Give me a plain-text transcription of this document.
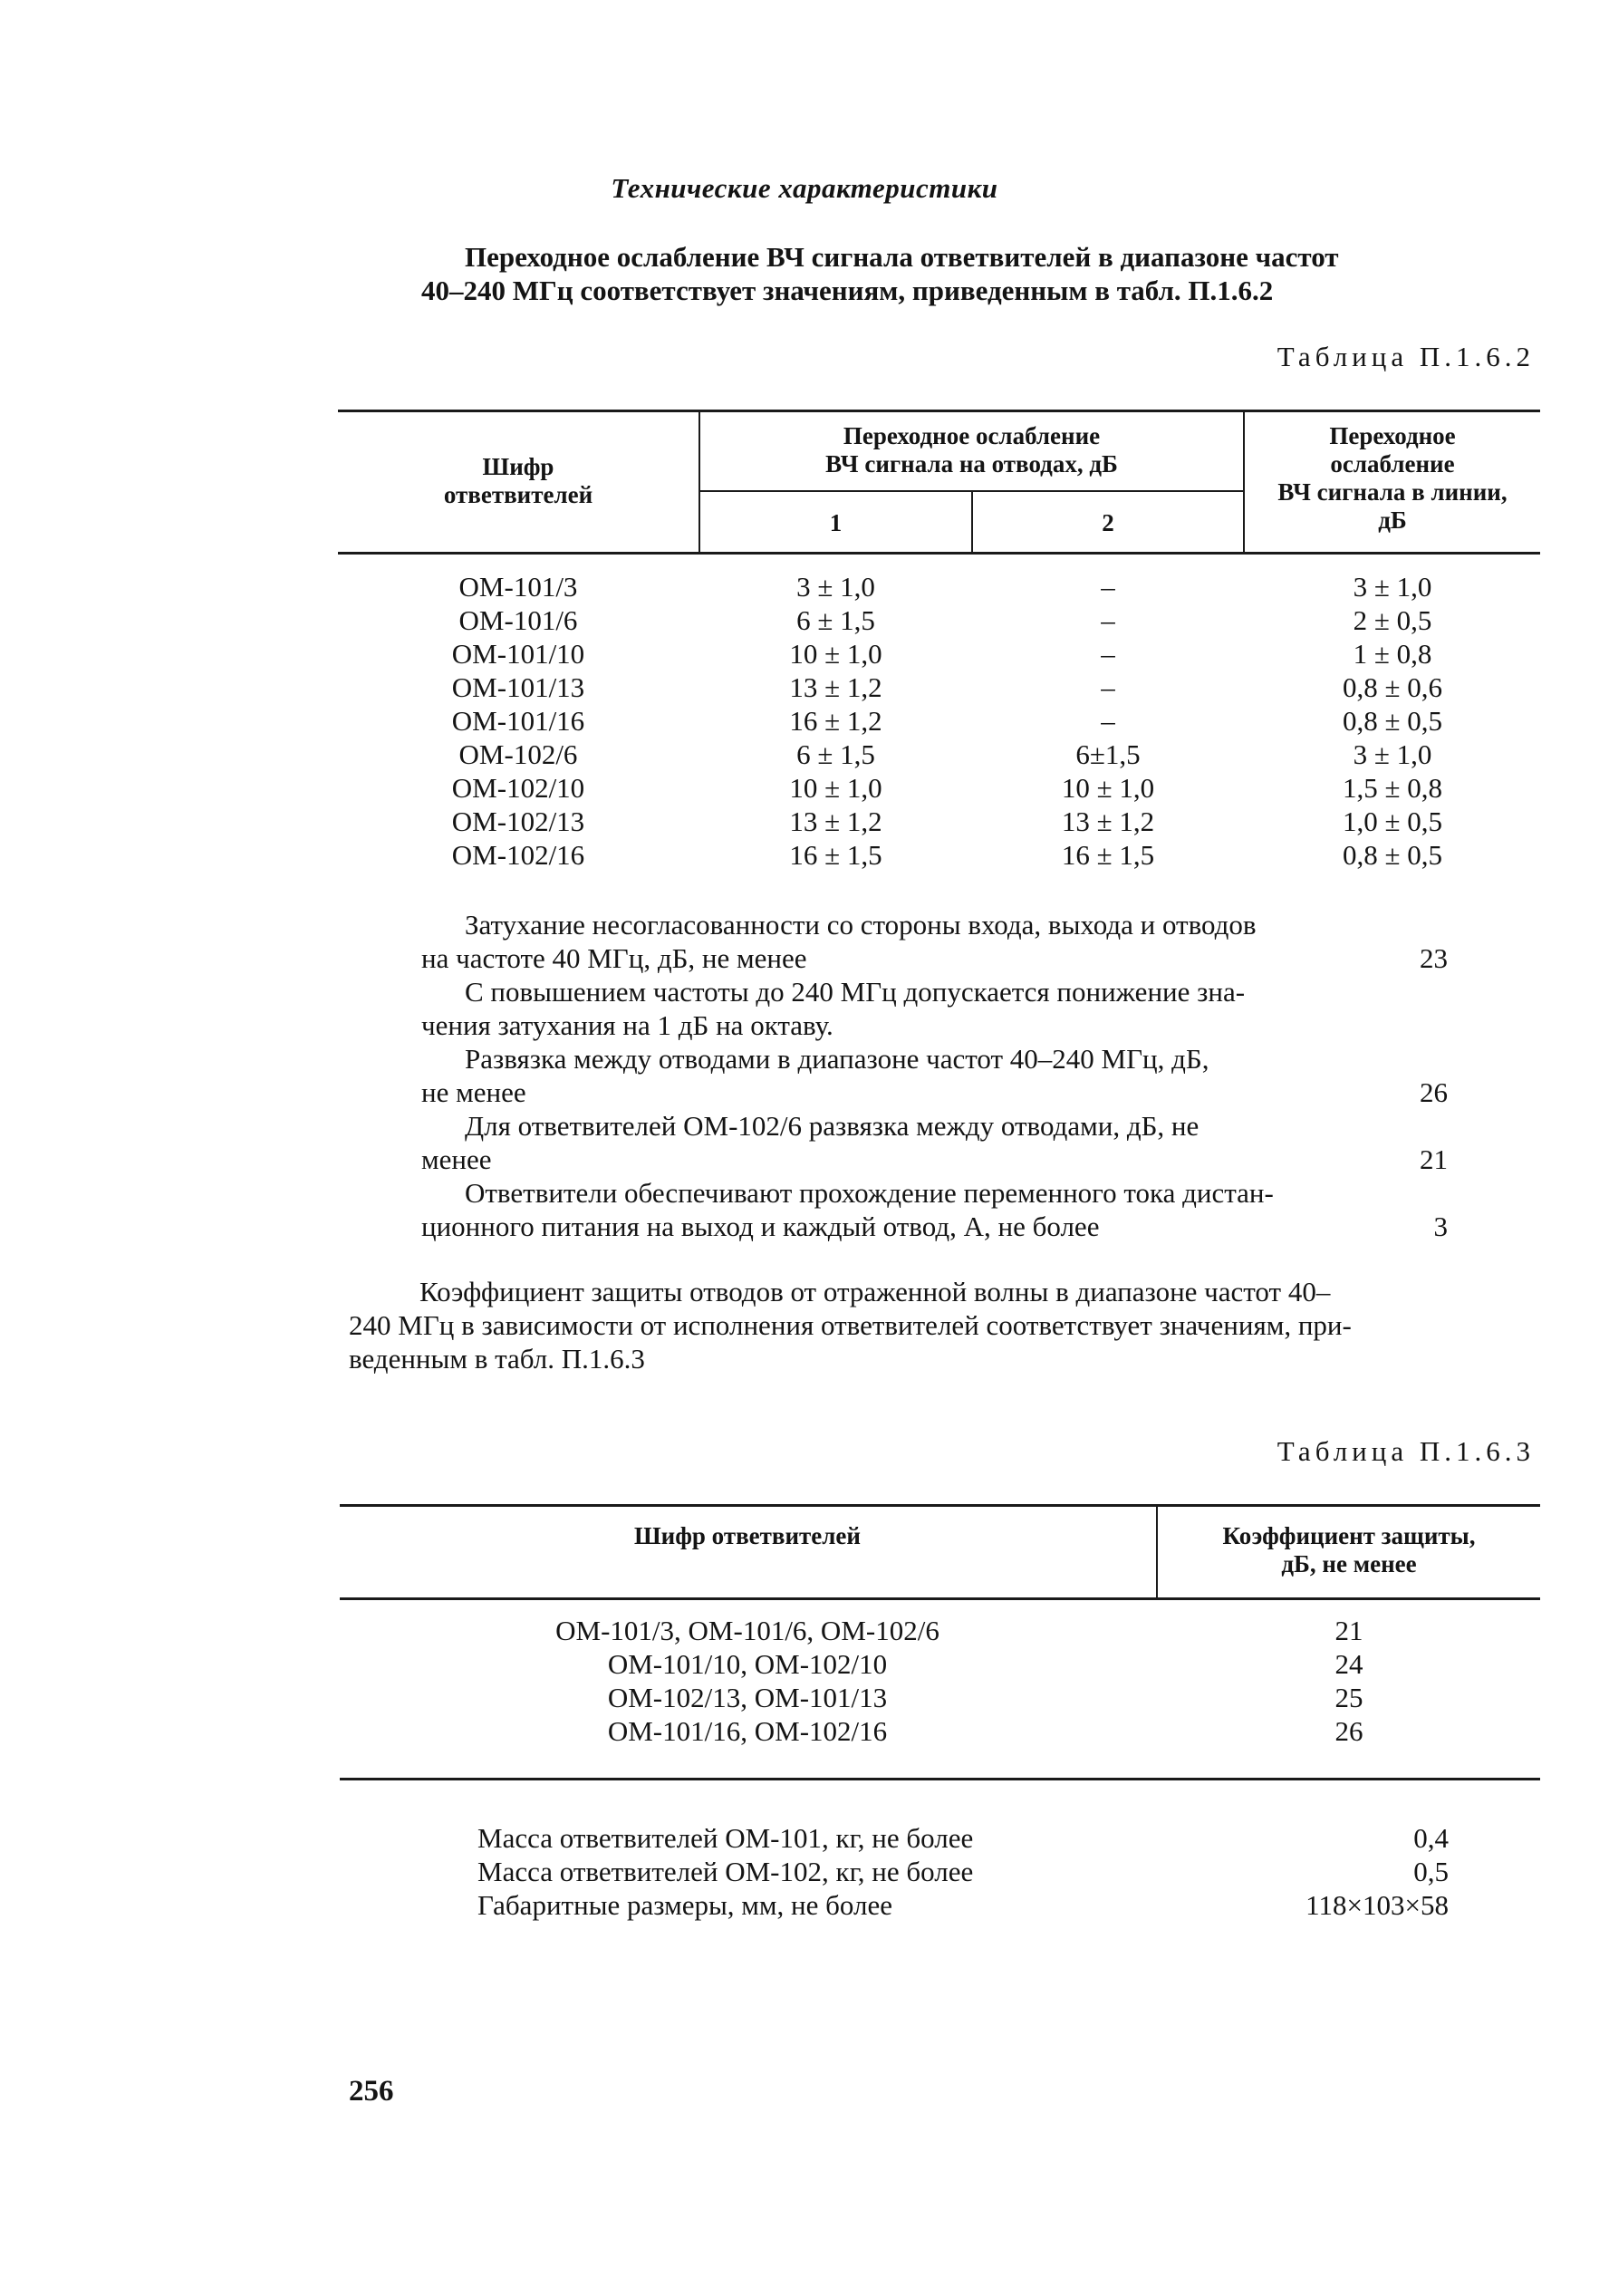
Технические характеристики
Переходное ослабление ВЧ сигнала ответвителей в диапазоне частот
40–240 МГц соответствует значениям, приведенным в табл. П.1.6.2
Таблица П.1.6.2
Шифр
ответвителей
Переходное ослабление
ВЧ сигнала на отводах, дБ
1	2
Переходное
ослабление
ВЧ сигнала в линии,
дБ
ОМ-101/3	3 ± 1,0	–	3 ± 1,0
ОМ-101/6	6 ± 1,5	–	2 ± 0,5
ОМ-101/10	10 ± 1,0	–	1 ± 0,8
ОМ-101/13	13 ± 1,2	–	0,8 ± 0,6
ОМ-101/16	16 ± 1,2	–	0,8 ± 0,5
ОМ-102/6	6 ± 1,5	6±1,5	3 ± 1,0
ОМ-102/10	10 ± 1,0	10 ± 1,0	1,5 ± 0,8
ОМ-102/13	13 ± 1,2	13 ± 1,2	1,0 ± 0,5
ОМ-102/16	16 ± 1,5	16 ± 1,5	0,8 ± 0,5
Затухание несогласованности со стороны входа, выхода и отводов
на частоте 40 МГц, дБ, не менее	23
С повышением частоты до 240 МГц допускается понижение зна-
чения затухания на 1 дБ на октаву.
Развязка между отводами в диапазоне частот 40–240 МГц, дБ,
не менее	26
Для ответвителей ОМ-102/6 развязка между отводами, дБ, не
менее	21
Ответвители обеспечивают прохождение переменного тока дистан-
ционного питания на выход и каждый отвод, А, не более	3
Коэффициент защиты отводов от отраженной волны в диапазоне частот 40–
240 МГц в зависимости от исполнения ответвителей соответствует значениям, при-
веденным в табл. П.1.6.3
Таблица П.1.6.3
Шифр ответвителей	Коэффициент защиты,
дБ, не менее
ОМ-101/3, ОМ-101/6, ОМ-102/6	21
ОМ-101/10, ОМ-102/10	24
ОМ-102/13, ОМ-101/13	25
ОМ-101/16, ОМ-102/16	26
Масса ответвителей ОМ-101, кг, не более	0,4
Масса ответвителей ОМ-102, кг, не более	0,5
Габаритные размеры, мм, не более	118×103×58
256
